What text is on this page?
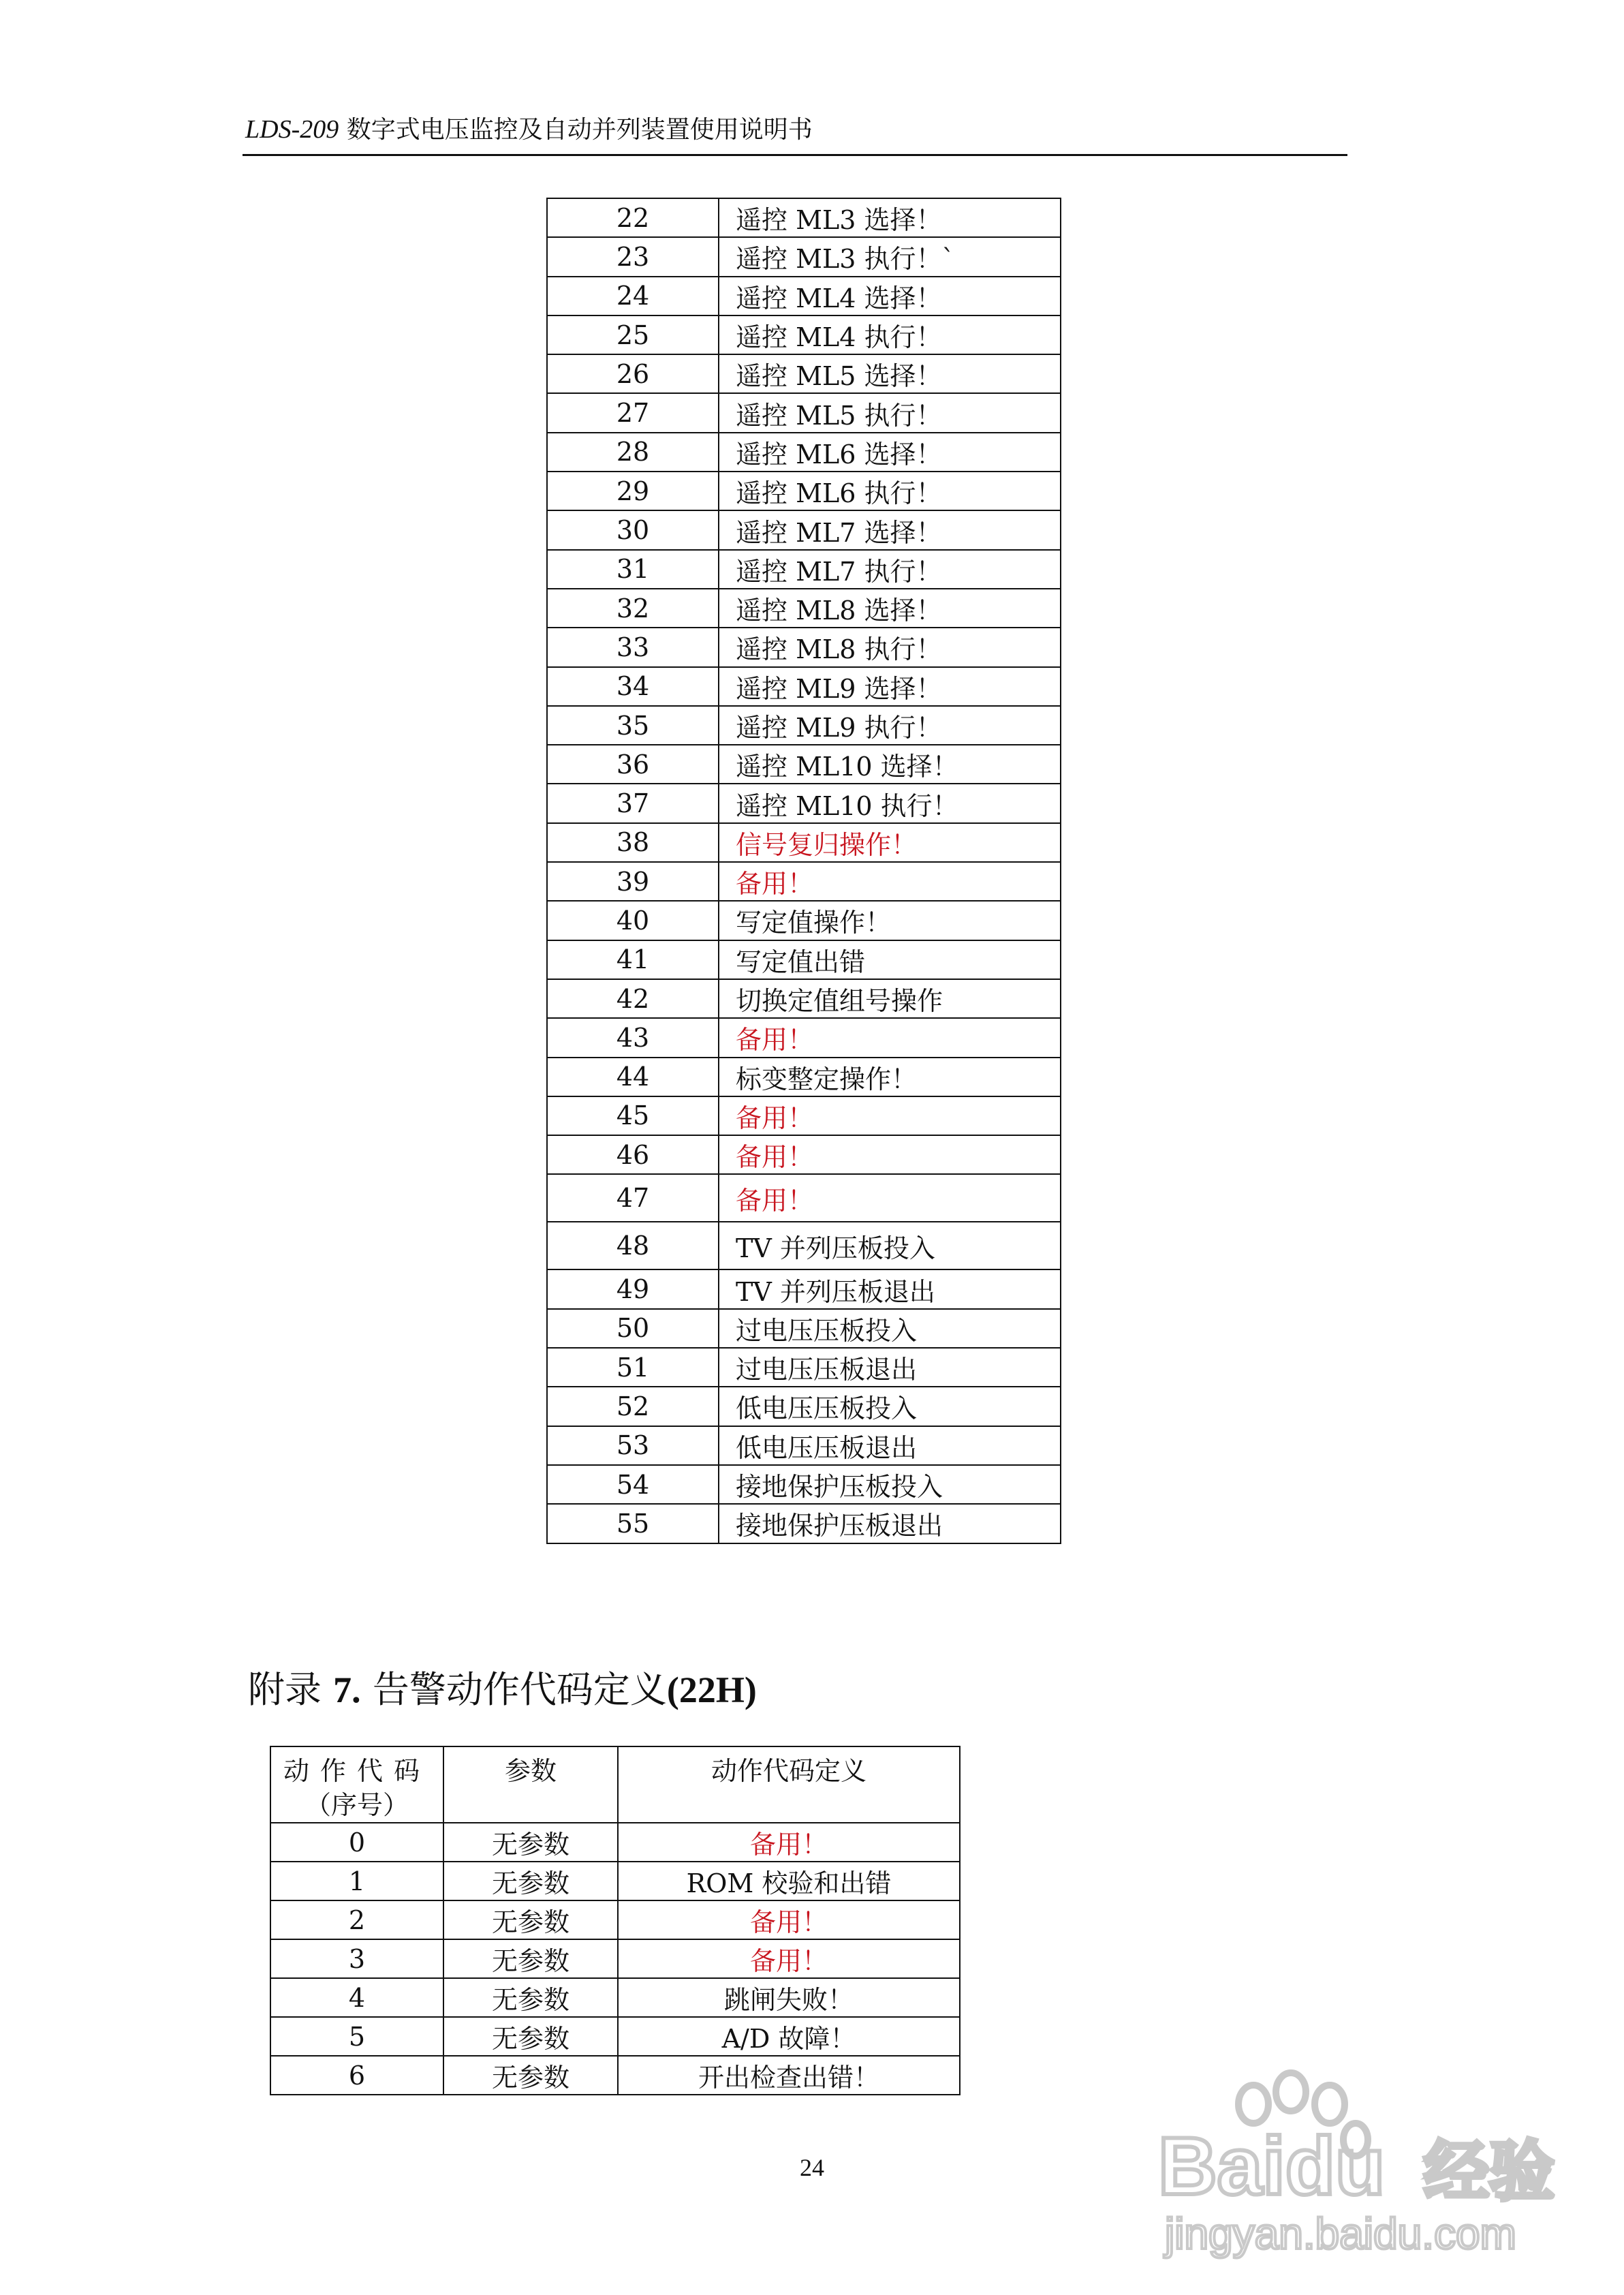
LDS-209 数字式电压监控及自动并列装置使用说明书
22	遥控 ML3 选择！
23	遥控 ML3 执行！`
24	遥控 ML4 选择！
25	遥控 ML4 执行！
26	遥控 ML5 选择！
27	遥控 ML5 执行！
28	遥控 ML6 选择！
29	遥控 ML6 执行！
30	遥控 ML7 选择！
31	遥控 ML7 执行！
32	遥控 ML8 选择！
33	遥控 ML8 执行！
34	遥控 ML9 选择！
35	遥控 ML9 执行！
36	遥控 ML10 选择！
37	遥控 ML10 执行！
38	信号复归操作！
39	备用！
40	写定值操作！
41	写定值出错
42	切换定值组号操作
43	备用！
44	标变整定操作！
45	备用！
46	备用！
47	备用！
48	TV 并列压板投入
49	TV 并列压板退出
50	过电压压板投入
51	过电压压板退出
52	低电压压板投入
53	低电压压板退出
54	接地保护压板投入
55	接地保护压板退出
附录 7. 告警动作代码定义(22H)
动作代码
（序号）	参数	动作代码定义
0	无参数	备用！
1	无参数	ROM 校验和出错
2	无参数	备用！
3	无参数	备用！
4	无参数	跳闸失败！
5	无参数	A/D 故障！
6	无参数	开出检查出错！
24	Baidu 经验
jingyan.baidu.com
